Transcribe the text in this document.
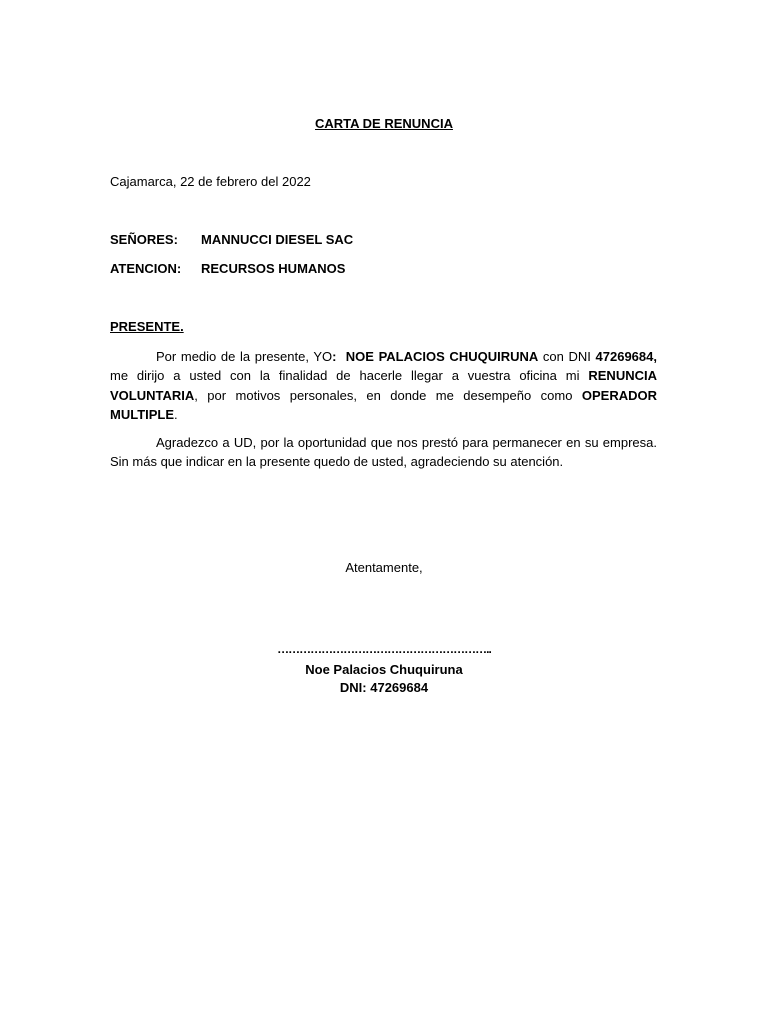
CARTA DE RENUNCIA
Cajamarca, 22 de febrero del 2022
SEÑORES:	MANNUCCI DIESEL SAC
ATENCION:	RECURSOS HUMANOS
PRESENTE.
Por medio de la presente, YO: NOE PALACIOS CHUQUIRUNA con DNI 47269684, me dirijo a usted con la finalidad de hacerle llegar a vuestra oficina mi RENUNCIA VOLUNTARIA, por motivos personales, en donde me desempeño como OPERADOR MULTIPLE.
Agradezco a UD, por la oportunidad que nos prestó para permanecer en su empresa. Sin más que indicar en la presente quedo de usted, agradeciendo su atención.
Atentamente,
…………………………………………………..
Noe Palacios Chuquiruna
DNI: 47269684
